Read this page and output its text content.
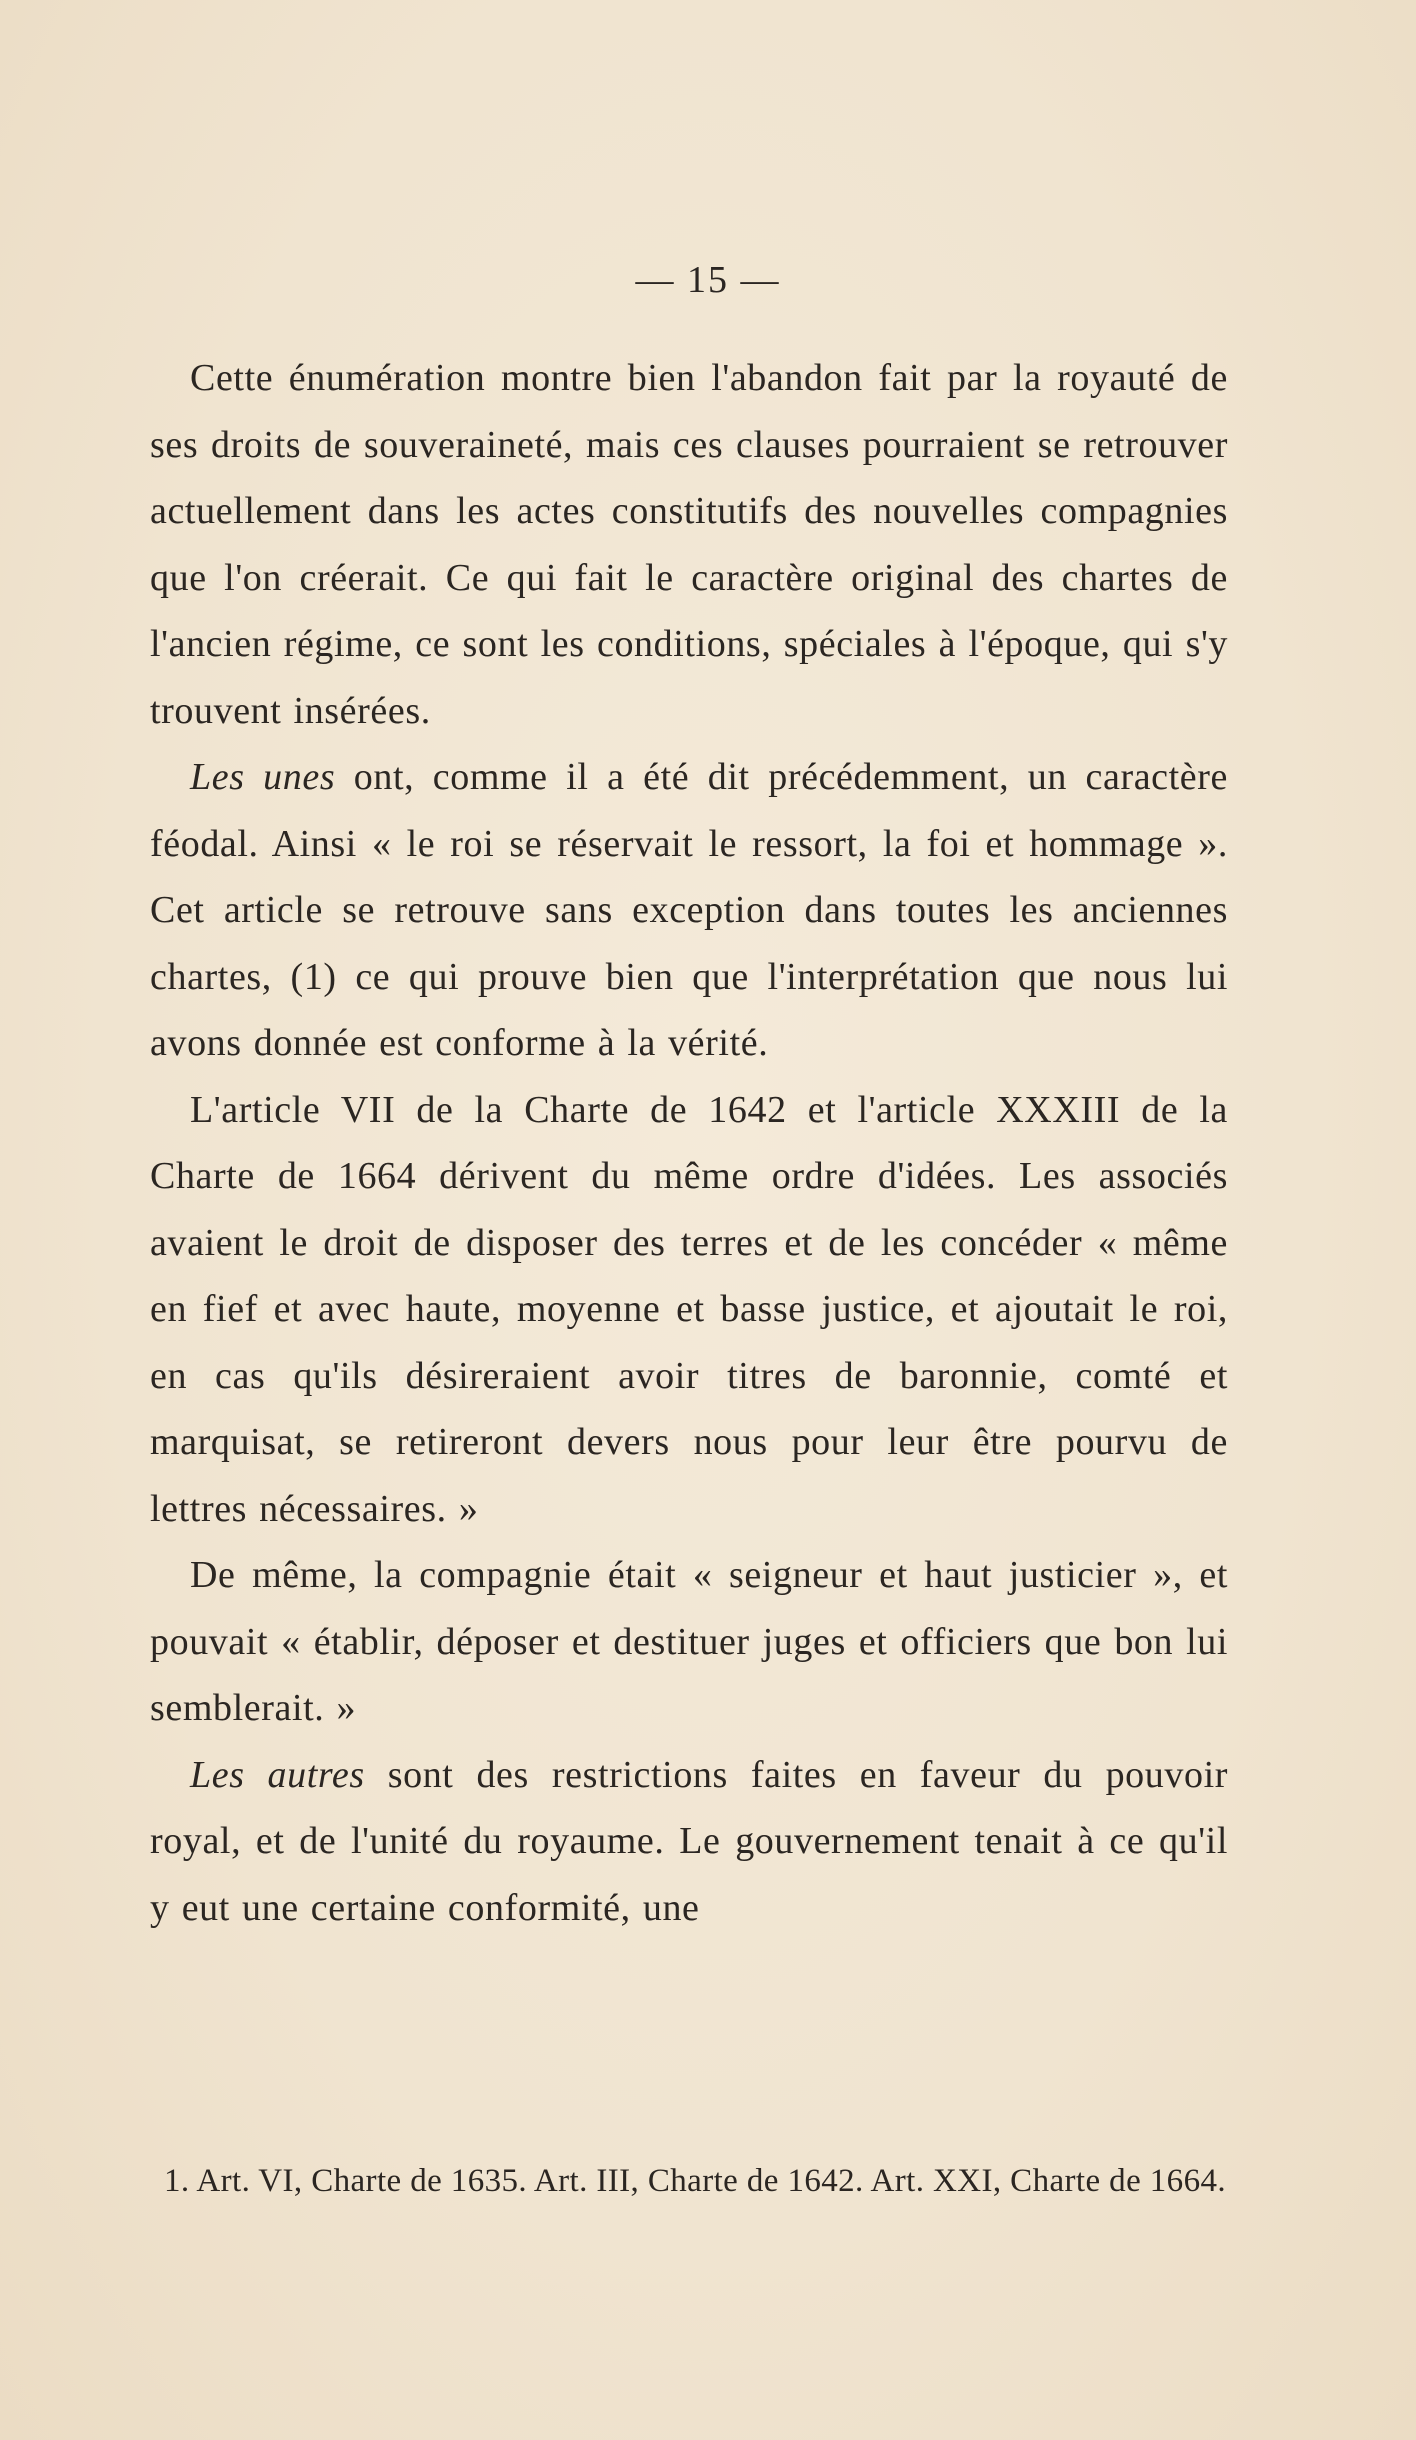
— 15 —

Cette énumération montre bien l'abandon fait par la royauté de ses droits de souveraineté, mais ces clauses pourraient se retrouver actuellement dans les actes constitutifs des nouvelles compagnies que l'on créerait. Ce qui fait le caractère original des chartes de l'ancien régime, ce sont les conditions, spéciales à l'époque, qui s'y trouvent insérées.

Les unes ont, comme il a été dit précédemment, un caractère féodal. Ainsi « le roi se réservait le ressort, la foi et hommage ». Cet article se retrouve sans exception dans toutes les anciennes chartes, (1) ce qui prouve bien que l'interprétation que nous lui avons donnée est conforme à la vérité.

L'article VII de la Charte de 1642 et l'article XXXIII de la Charte de 1664 dérivent du même ordre d'idées. Les associés avaient le droit de disposer des terres et de les concéder « même en fief et avec haute, moyenne et basse justice, et ajoutait le roi, en cas qu'ils désireraient avoir titres de baronnie, comté et marquisat, se retireront devers nous pour leur être pourvu de lettres nécessaires. »

De même, la compagnie était « seigneur et haut justicier », et pouvait « établir, déposer et destituer juges et officiers que bon lui semblerait. »

Les autres sont des restrictions faites en faveur du pouvoir royal, et de l'unité du royaume. Le gouvernement tenait à ce qu'il y eut une certaine conformité, une

1. Art. VI, Charte de 1635. Art. III, Charte de 1642. Art. XXI, Charte de 1664.
